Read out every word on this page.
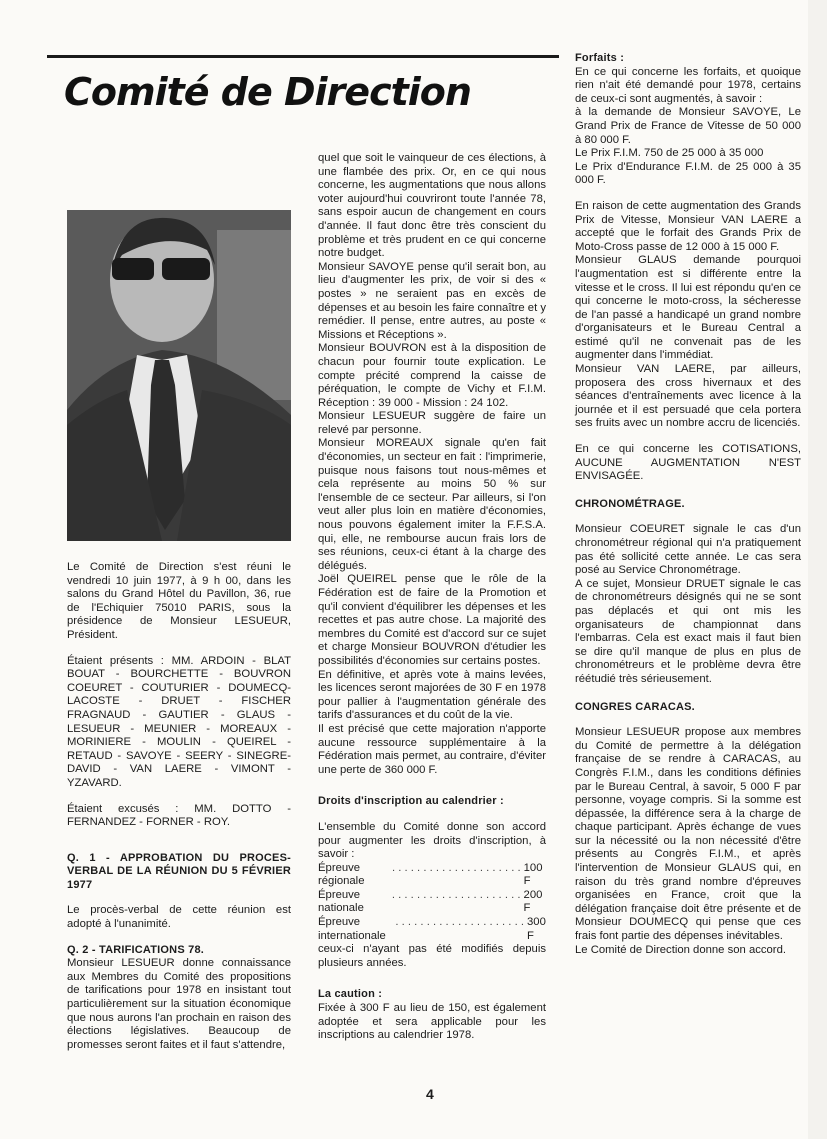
Comité de Direction

Le Comité de Direction s'est réuni le vendredi 10 juin 1977, à 9 h 00, dans les salons du Grand Hôtel du Pavillon, 36, rue de l'Echiquier 75010 PARIS, sous la présidence de Monsieur LESUEUR, Président.

Étaient présents : MM. ARDOIN - BLAT BOUAT - BOURCHETTE - BOUVRON COEURET - COUTURIER - DOUMECQ-LACOSTE - DRUET - FISCHER FRAGNAUD - GAUTIER - GLAUS - LESUEUR - MEUNIER - MOREAUX - MORINIERE - MOULIN - QUEIREL - RETAUD - SAVOYE - SEERY - SINEGRE-DAVID - VAN LAERE - VIMONT - YZAVARD.

Étaient excusés : MM. DOTTO - FERNANDEZ - FORNER - ROY.

Q. 1 - APPROBATION DU PROCES-VERBAL DE LA RÉUNION DU 5 FÉVRIER 1977

Le procès-verbal de cette réunion est adopté à l'unanimité.

Q. 2 - TARIFICATIONS 78.

Monsieur LESUEUR donne connaissance aux Membres du Comité des propositions de tarifications pour 1978 en insistant tout particulièrement sur la situation économique que nous aurons l'an prochain en raison des élections législatives. Beaucoup de promesses seront faites et il faut s'attendre,

quel que soit le vainqueur de ces élections, à une flambée des prix. Or, en ce qui nous concerne, les augmentations que nous allons voter aujourd'hui couvriront toute l'année 78, sans espoir aucun de changement en cours d'année. Il faut donc être très conscient du problème et très prudent en ce qui concerne notre budget.

Monsieur SAVOYE pense qu'il serait bon, au lieu d'augmenter les prix, de voir si des « postes » ne seraient pas en excès de dépenses et au besoin les faire connaître et y remédier. Il pense, entre autres, au poste « Missions et Réceptions ».

Monsieur BOUVRON est à la disposition de chacun pour fournir toute explication. Le compte précité comprend la caisse de péréquation, le compte de Vichy et F.I.M. Réception : 39 000 - Mission : 24 102.

Monsieur LESUEUR suggère de faire un relevé par personne.

Monsieur MOREAUX signale qu'en fait d'économies, un secteur en fait : l'imprimerie, puisque nous faisons tout nous-mêmes et cela représente au moins 50 % sur l'ensemble de ce secteur. Par ailleurs, si l'on veut aller plus loin en matière d'économies, nous pouvons également imiter la F.F.S.A. qui, elle, ne rembourse aucun frais lors de ses réunions, ceux-ci étant à la charge des délégués.

Joël QUEIREL pense que le rôle de la Fédération est de faire de la Promotion et qu'il convient d'équilibrer les dépenses et les recettes et pas autre chose. La majorité des membres du Comité est d'accord sur ce sujet et charge Monsieur BOUVRON d'étudier les possibilités d'économies sur certains postes.

En définitive, et après vote à mains levées, les licences seront majorées de 30 F en 1978 pour pallier à l'augmentation générale des tarifs d'assurances et du coût de la vie.

Il est précisé que cette majoration n'apporte aucune ressource supplémentaire à la Fédération mais permet, au contraire, d'éviter une perte de 360 000 F.

Droits d'inscription au calendrier :

L'ensemble du Comité donne son accord pour augmenter les droits d'inscription, à savoir :

Épreuve régionale
. . . . . . . . . . . . . . . . . . . . . 100 F
Épreuve nationale
. . . . . . . . . . . . . . . . . . . . . 200 F
Épreuve internationale
. . . . . . . . . . . . . . . . . . . . . 300 F

ceux-ci n'ayant pas été modifiés depuis plusieurs années.

La caution :

Fixée à 300 F au lieu de 150, est également adoptée et sera applicable pour les inscriptions au calendrier 1978.

Forfaits :

En ce qui concerne les forfaits, et quoique rien n'ait été demandé pour 1978, certains de ceux-ci sont augmentés, à savoir :

à la demande de Monsieur SAVOYE, Le Grand Prix de France de Vitesse de 50 000 à 80 000 F.

Le Prix F.I.M. 750 de 25 000 à 35 000

Le Prix d'Endurance F.I.M. de 25 000 à 35 000 F.

En raison de cette augmentation des Grands Prix de Vitesse, Monsieur VAN LAERE a accepté que le forfait des Grands Prix de Moto-Cross passe de 12 000 à 15 000 F.

Monsieur GLAUS demande pourquoi l'augmentation est si différente entre la vitesse et le cross. Il lui est répondu qu'en ce qui concerne le moto-cross, la sécheresse de l'an passé a handicapé un grand nombre d'organisateurs et le Bureau Central a estimé qu'il ne convenait pas de les augmenter dans l'immédiat.

Monsieur VAN LAERE, par ailleurs, proposera des cross hivernaux et des séances d'entraînements avec licence à la journée et il est persuadé que cela portera ses fruits avec un nombre accru de licenciés.

En ce qui concerne les COTISATIONS, AUCUNE AUGMENTATION N'EST ENVISAGÉE.

CHRONOMÉTRAGE.

Monsieur COEURET signale le cas d'un chronométreur régional qui n'a pratiquement pas été sollicité cette année. Le cas sera posé au Service Chronométrage.

A ce sujet, Monsieur DRUET signale le cas de chronométreurs désignés qui ne se sont pas déplacés et qui ont mis les organisateurs de championnat dans l'embarras. Cela est exact mais il faut bien se dire qu'il manque de plus en plus de chronométreurs et le problème devra être réétudié très sérieusement.

CONGRES CARACAS.

Monsieur LESUEUR propose aux membres du Comité de permettre à la délégation française de se rendre à CARACAS, au Congrès F.I.M., dans les conditions définies par le Bureau Central, à savoir, 5 000 F par personne, voyage compris. Si la somme est dépassée, la différence sera à la charge de chaque participant. Après échange de vues sur la nécessité ou la non nécessité d'être présents au Congrès F.I.M., et après l'intervention de Monsieur GLAUS qui, en raison du très grand nombre d'épreuves organisées en France, croit que la délégation française doit être présente et de Monsieur DOUMECQ qui pense que ces frais font partie des dépenses inévitables.

Le Comité de Direction donne son accord.

4
